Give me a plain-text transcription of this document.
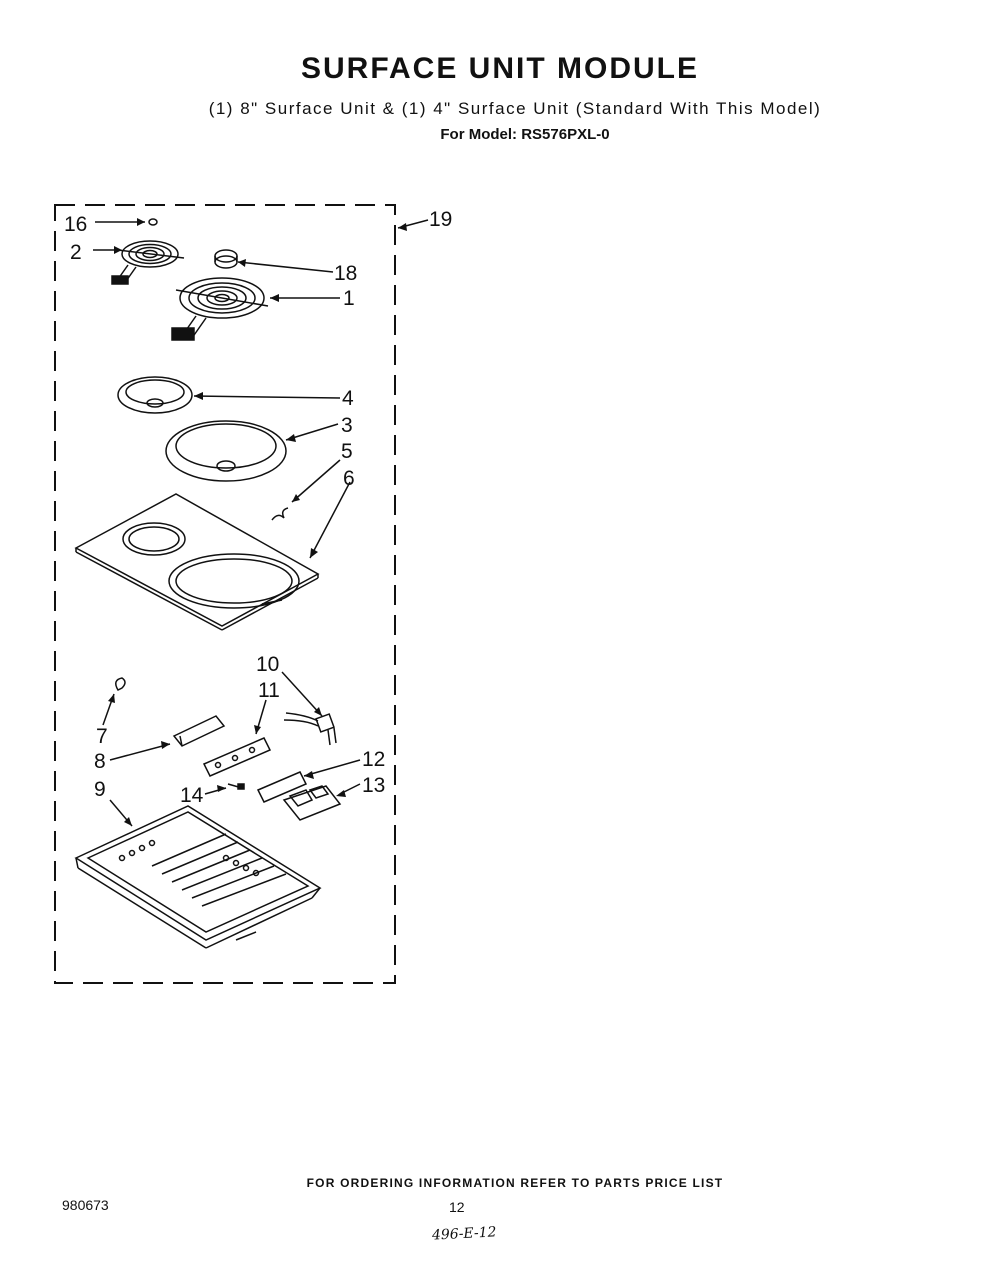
SURFACE UNIT MODULE
(1) 8" Surface Unit & (1) 4" Surface Unit (Standard With This Model)
For Model: RS576PXL-0
16
2
18
1
19
4
3
5
6
10
11
7
8	12
13
14
9
FOR ORDERING INFORMATION REFER TO PARTS PRICE LIST
980673	12
496-E-12
